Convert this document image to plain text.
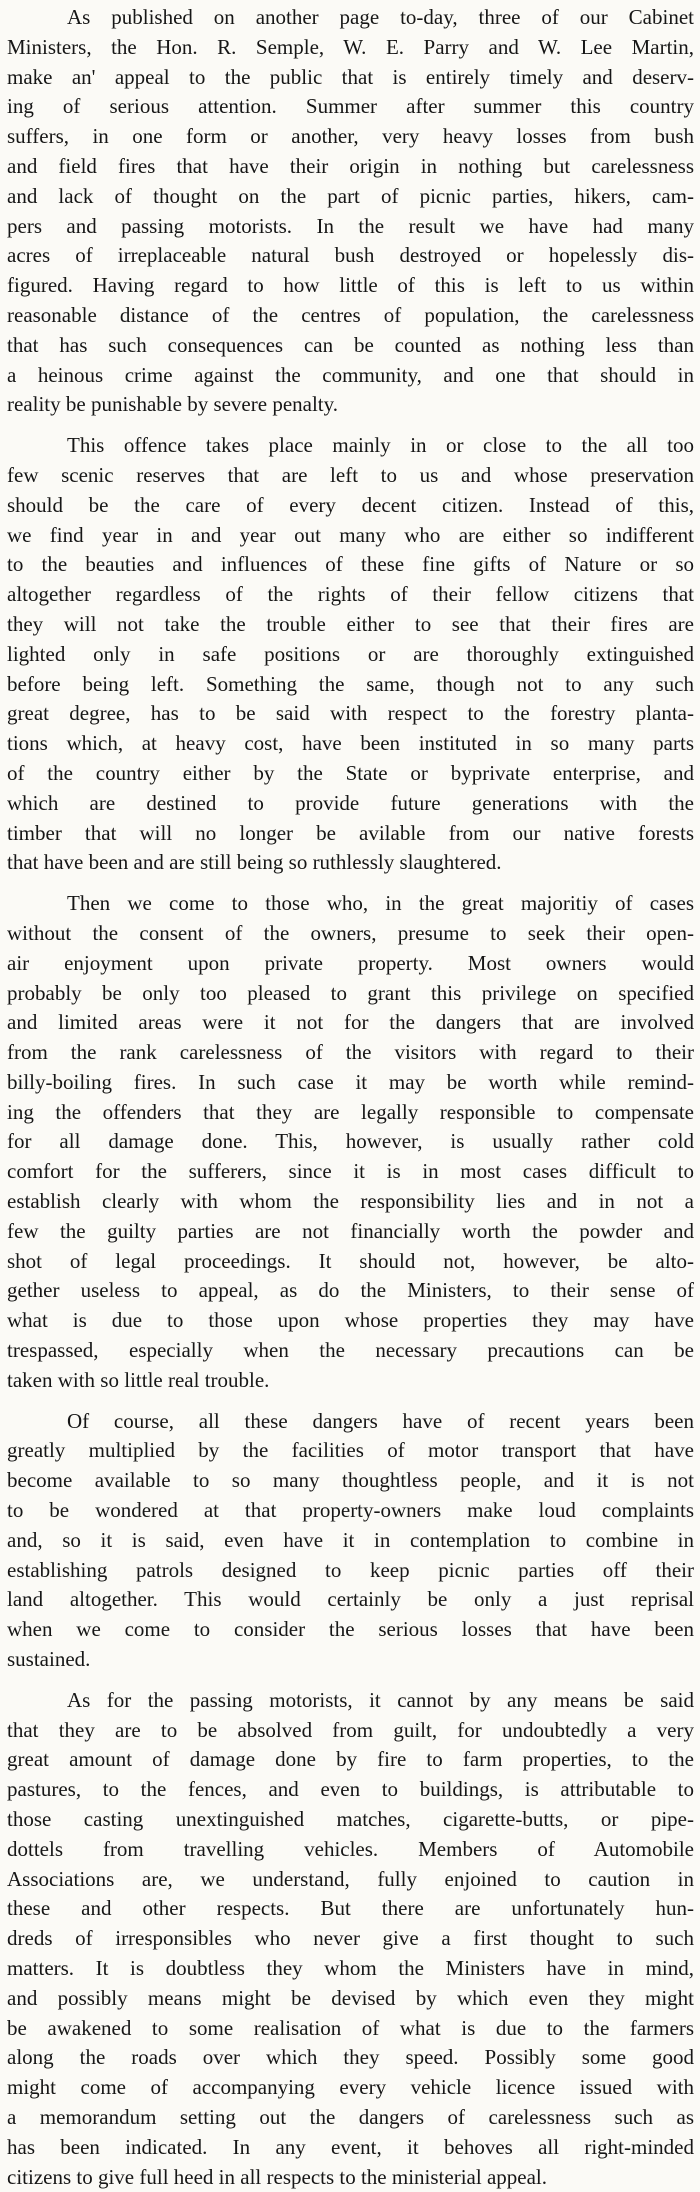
As published on another page to-day, three of our Cabinet
Ministers, the Hon. R. Semple, W. E. Parry and W. Lee Martin,
make an' appeal to the public that is entirely timely and deserv-
ing of serious attention. Summer after summer this country
suffers, in one form or another, very heavy losses from bush
and field fires that have their origin in nothing but carelessness
and lack of thought on the part of picnic parties, hikers, cam-
pers and passing motorists. In the result we have had many
acres of irreplaceable natural bush destroyed or hopelessly dis-
figured. Having regard to how little of this is left to us within
reasonable distance of the centres of population, the carelessness
that has such consequences can be counted as nothing less than
a heinous crime against the community, and one that should in
reality be punishable by severe penalty.
This offence takes place mainly in or close to the all too
few scenic reserves that are left to us and whose preservation
should be the care of every decent citizen. Instead of this,
we find year in and year out many who are either so indifferent
to the beauties and influences of these fine gifts of Nature or so
altogether regardless of the rights of their fellow citizens that
they will not take the trouble either to see that their fires are
lighted only in safe positions or are thoroughly extinguished
before being left. Something the same, though not to any such
great degree, has to be said with respect to the forestry planta-
tions which, at heavy cost, have been instituted in so many parts
of the country either by the State or byprivate enterprise, and
which are destined to provide future generations with the
timber that will no longer be avilable from our native forests
that have been and are still being so ruthlessly slaughtered.
Then we come to those who, in the great majoritiy of cases
without the consent of the owners, presume to seek their open-
air enjoyment upon private property. Most owners would
probably be only too pleased to grant this privilege on specified
and limited areas were it not for the dangers that are involved
from the rank carelessness of the visitors with regard to their
billy-boiling fires. In such case it may be worth while remind-
ing the offenders that they are legally responsible to compensate
for all damage done. This, however, is usually rather cold
comfort for the sufferers, since it is in most cases difficult to
establish clearly with whom the responsibility lies and in not a
few the guilty parties are not financially worth the powder and
shot of legal proceedings. It should not, however, be alto-
gether useless to appeal, as do the Ministers, to their sense of
what is due to those upon whose properties they may have
trespassed, especially when the necessary precautions can be
taken with so little real trouble.
Of course, all these dangers have of recent years been
greatly multiplied by the facilities of motor transport that have
become available to so many thoughtless people, and it is not
to be wondered at that property-owners make loud complaints
and, so it is said, even have it in contemplation to combine in
establishing patrols designed to keep picnic parties off their
land altogether. This would certainly be only a just reprisal
when we come to consider the serious losses that have been
sustained.
As for the passing motorists, it cannot by any means be said
that they are to be absolved from guilt, for undoubtedly a very
great amount of damage done by fire to farm properties, to the
pastures, to the fences, and even to buildings, is attributable to
those casting unextinguished matches, cigarette-butts, or pipe-
dottels from travelling vehicles. Members of Automobile
Associations are, we understand, fully enjoined to caution in
these and other respects. But there are unfortunately hun-
dreds of irresponsibles who never give a first thought to such
matters. It is doubtless they whom the Ministers have in mind,
and possibly means might be devised by which even they might
be awakened to some realisation of what is due to the farmers
along the roads over which they speed. Possibly some good
might come of accompanying every vehicle licence issued with
a memorandum setting out the dangers of carelessness such as
has been indicated. In any event, it behoves all right-minded
citizens to give full heed in all respects to the ministerial appeal.
